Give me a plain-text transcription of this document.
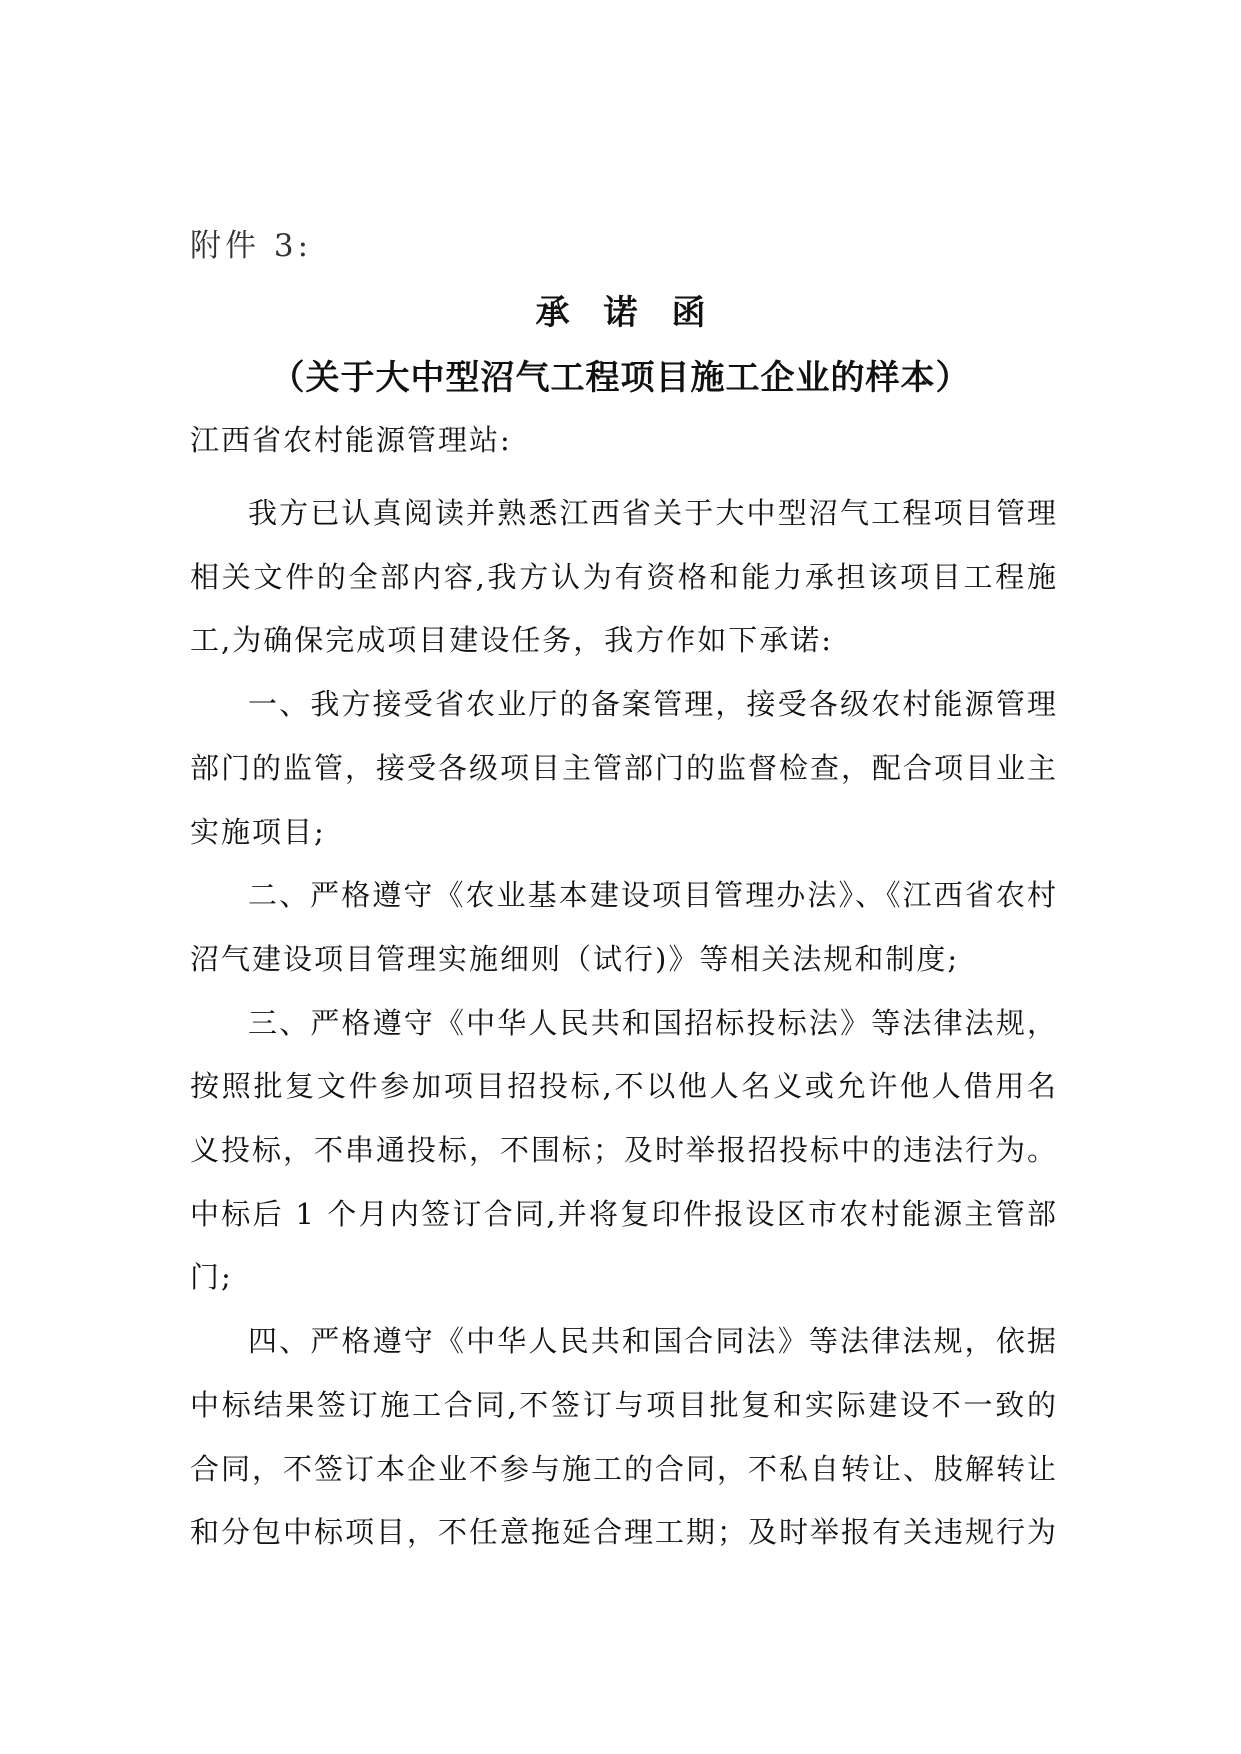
附件 3:
承诺函
（关于大中型沼气工程项目施工企业的样本）
江西省农村能源管理站:

我方已认真阅读并熟悉江西省关于大中型沼气工程项目管理相关文件的全部内容,我方认为有资格和能力承担该项目工程施工,为确保完成项目建设任务，我方作如下承诺:

一、我方接受省农业厅的备案管理，接受各级农村能源管理部门的监管，接受各级项目主管部门的监督检查，配合项目业主实施项目;

二、严格遵守《农业基本建设项目管理办法》、《江西省农村沼气建设项目管理实施细则（试行)》等相关法规和制度;

三、严格遵守《中华人民共和国招标投标法》等法律法规，按照批复文件参加项目招投标,不以他人名义或允许他人借用名义投标，不串通投标，不围标；及时举报招投标中的违法行为。中标后 1 个月内签订合同,并将复印件报设区市农村能源主管部门;

四、严格遵守《中华人民共和国合同法》等法律法规，依据中标结果签订施工合同,不签订与项目批复和实际建设不一致的合同，不签订本企业不参与施工的合同，不私自转让、肢解转让和分包中标项目，不任意拖延合理工期；及时举报有关违规行为
